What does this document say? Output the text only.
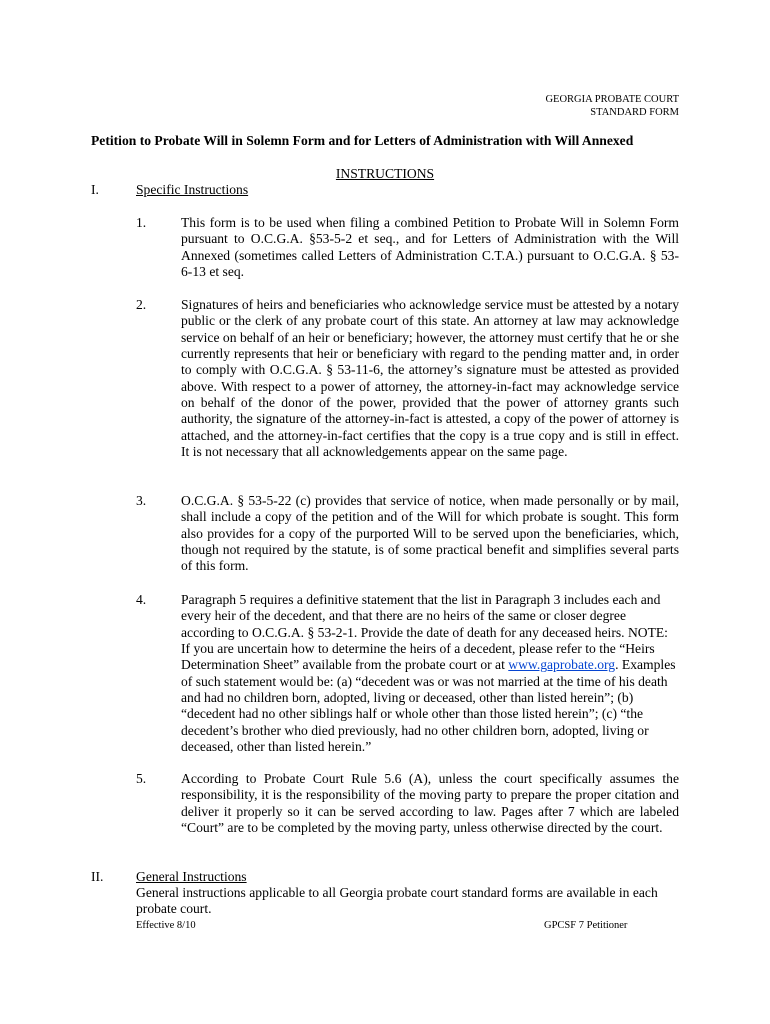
GEORGIA PROBATE COURT
STANDARD FORM
Petition to Probate Will in Solemn Form and for Letters of Administration with Will Annexed
INSTRUCTIONS
I.	Specific Instructions
1.	This form is to be used when filing a combined Petition to Probate Will in Solemn Form pursuant to O.C.G.A. §53-5-2 et seq., and for Letters of Administration with the Will Annexed (sometimes called Letters of Administration C.T.A.) pursuant to O.C.G.A. § 53-6-13 et seq.
2.	Signatures of heirs and beneficiaries who acknowledge service must be attested by a notary public or the clerk of any probate court of this state. An attorney at law may acknowledge service on behalf of an heir or beneficiary; however, the attorney must certify that he or she currently represents that heir or beneficiary with regard to the pending matter and, in order to comply with O.C.G.A. § 53-11-6, the attorney’s signature must be attested as provided above. With respect to a power of attorney, the attorney-in-fact may acknowledge service on behalf of the donor of the power, provided that the power of attorney grants such authority, the signature of the attorney-in-fact is attested, a copy of the power of attorney is attached, and the attorney-in-fact certifies that the copy is a true copy and is still in effect. It is not necessary that all acknowledgements appear on the same page.
3.	O.C.G.A. § 53-5-22 (c) provides that service of notice, when made personally or by mail, shall include a copy of the petition and of the Will for which probate is sought. This form also provides for a copy of the purported Will to be served upon the beneficiaries, which, though not required by the statute, is of some practical benefit and simplifies several parts of this form.
4.	Paragraph 5 requires a definitive statement that the list in Paragraph 3 includes each and every heir of the decedent, and that there are no heirs of the same or closer degree according to O.C.G.A. § 53-2-1. Provide the date of death for any deceased heirs. NOTE: If you are uncertain how to determine the heirs of a decedent, please refer to the “Heirs Determination Sheet” available from the probate court or at www.gaprobate.org. Examples of such statement would be: (a) “decedent was or was not married at the time of his death and had no children born, adopted, living or deceased, other than listed herein”; (b) “decedent had no other siblings half or whole other than those listed herein”; (c) “the decedent’s brother who died previously, had no other children born, adopted, living or deceased, other than listed herein.”
5.	According to Probate Court Rule 5.6 (A), unless the court specifically assumes the responsibility, it is the responsibility of the moving party to prepare the proper citation and deliver it properly so it can be served according to law. Pages after 7 which are labeled “Court” are to be completed by the moving party, unless otherwise directed by the court.
II. General Instructions
General instructions applicable to all Georgia probate court standard forms are available in each probate court.
Effective 8/10	GPCSF 7 Petitioner
